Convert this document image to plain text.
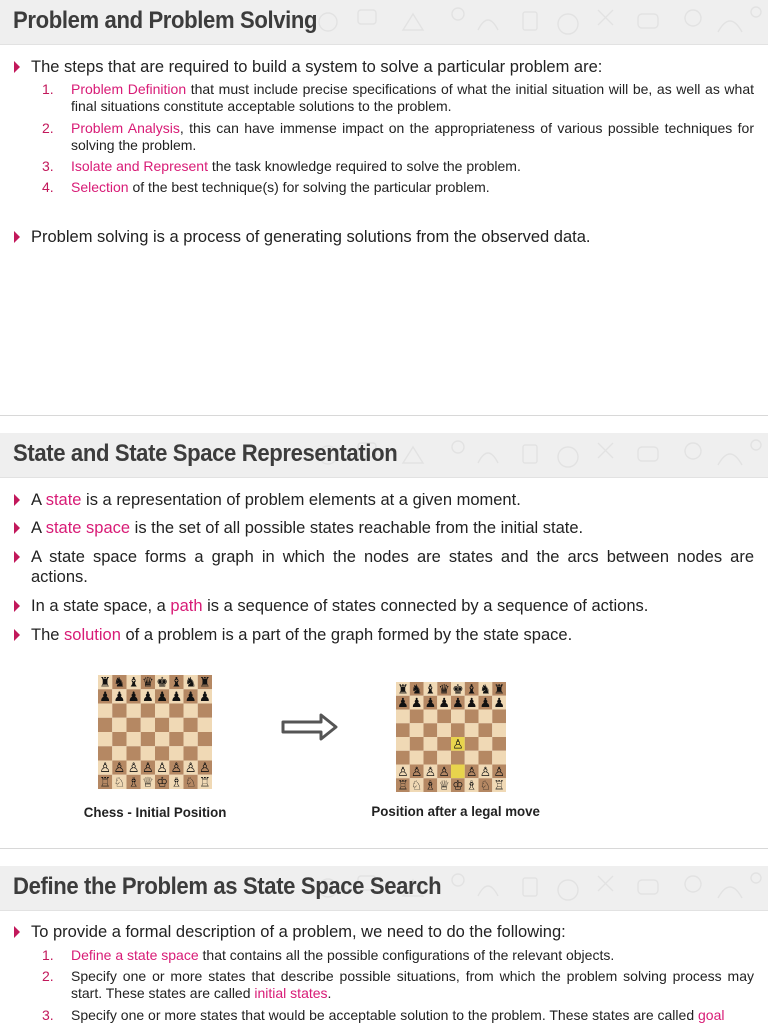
Problem and Problem Solving
The steps that are required to build a system to solve a particular problem are:
1. Problem Definition that must include precise specifications of what the initial situation will be, as well as what final situations constitute acceptable solutions to the problem.
2. Problem Analysis, this can have immense impact on the appropriateness of various possible techniques for solving the problem.
3. Isolate and Represent the task knowledge required to solve the problem.
4. Selection of the best technique(s) for solving the particular problem.
Problem solving is a process of generating solutions from the observed data.
State and State Space Representation
A state is a representation of problem elements at a given moment.
A state space is the set of all possible states reachable from the initial state.
A state space forms a graph in which the nodes are states and the arcs between nodes are actions.
In a state space, a path is a sequence of states connected by a sequence of actions.
The solution of a problem is a part of the graph formed by the state space.
♜
♟
♙
♖
♞
♟
♙
♘
♝
♟
♙
♗
♛
♟
♙
♕
♚
♟
♙
♔
♝
♟
♙
♗
♞
♟
♙
♘
♜
♟
♙
♖
♜
♟
♙
♖
♞
♟
♙
♘
♝
♟
♙
♗
♛
♟
♙
♕
♚
♟
♔
♝
♟
♙
♗
♞
♟
♙
♘
♜
♟
♙
♖
♙
Chess - Initial Position	Position after a legal move
Define the Problem as State Space Search
To provide a formal description of a problem, we need to do the following:
1. Define a state space that contains all the possible configurations of the relevant objects.
2. Specify one or more states that describe possible situations, from which the problem solving process may start. These states are called initial states.
3. Specify one or more states that would be acceptable solution to the problem. These states are called goal
